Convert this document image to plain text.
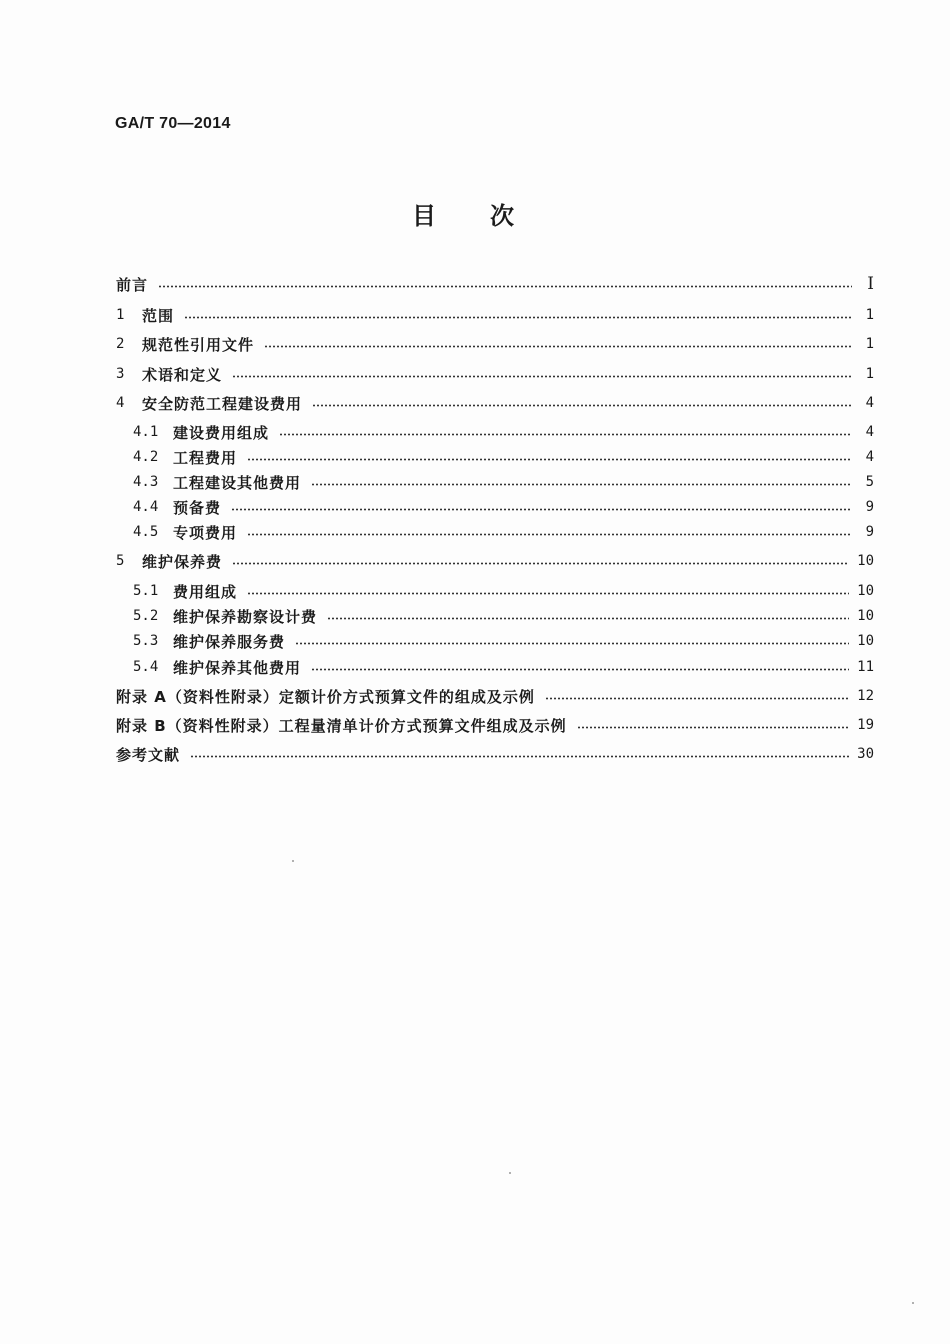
GA/T 70—2014
目次
前言	Ⅰ
1	范围	1
2	规范性引用文件	1
3	术语和定义	1
4	安全防范工程建设费用	4
4.1 建设费用组成	4
4.2 工程费用	4
4.3 工程建设其他费用	5
4.4 预备费	9
4.5 专项费用	9
5	维护保养费	10
5.1 费用组成	10
5.2 维护保养勘察设计费	10
5.3 维护保养服务费	10
5.4 维护保养其他费用	11
附录 A（资料性附录）定额计价方式预算文件的组成及示例	12
附录 B（资料性附录）工程量清单计价方式预算文件组成及示例	19
参考文献	30
